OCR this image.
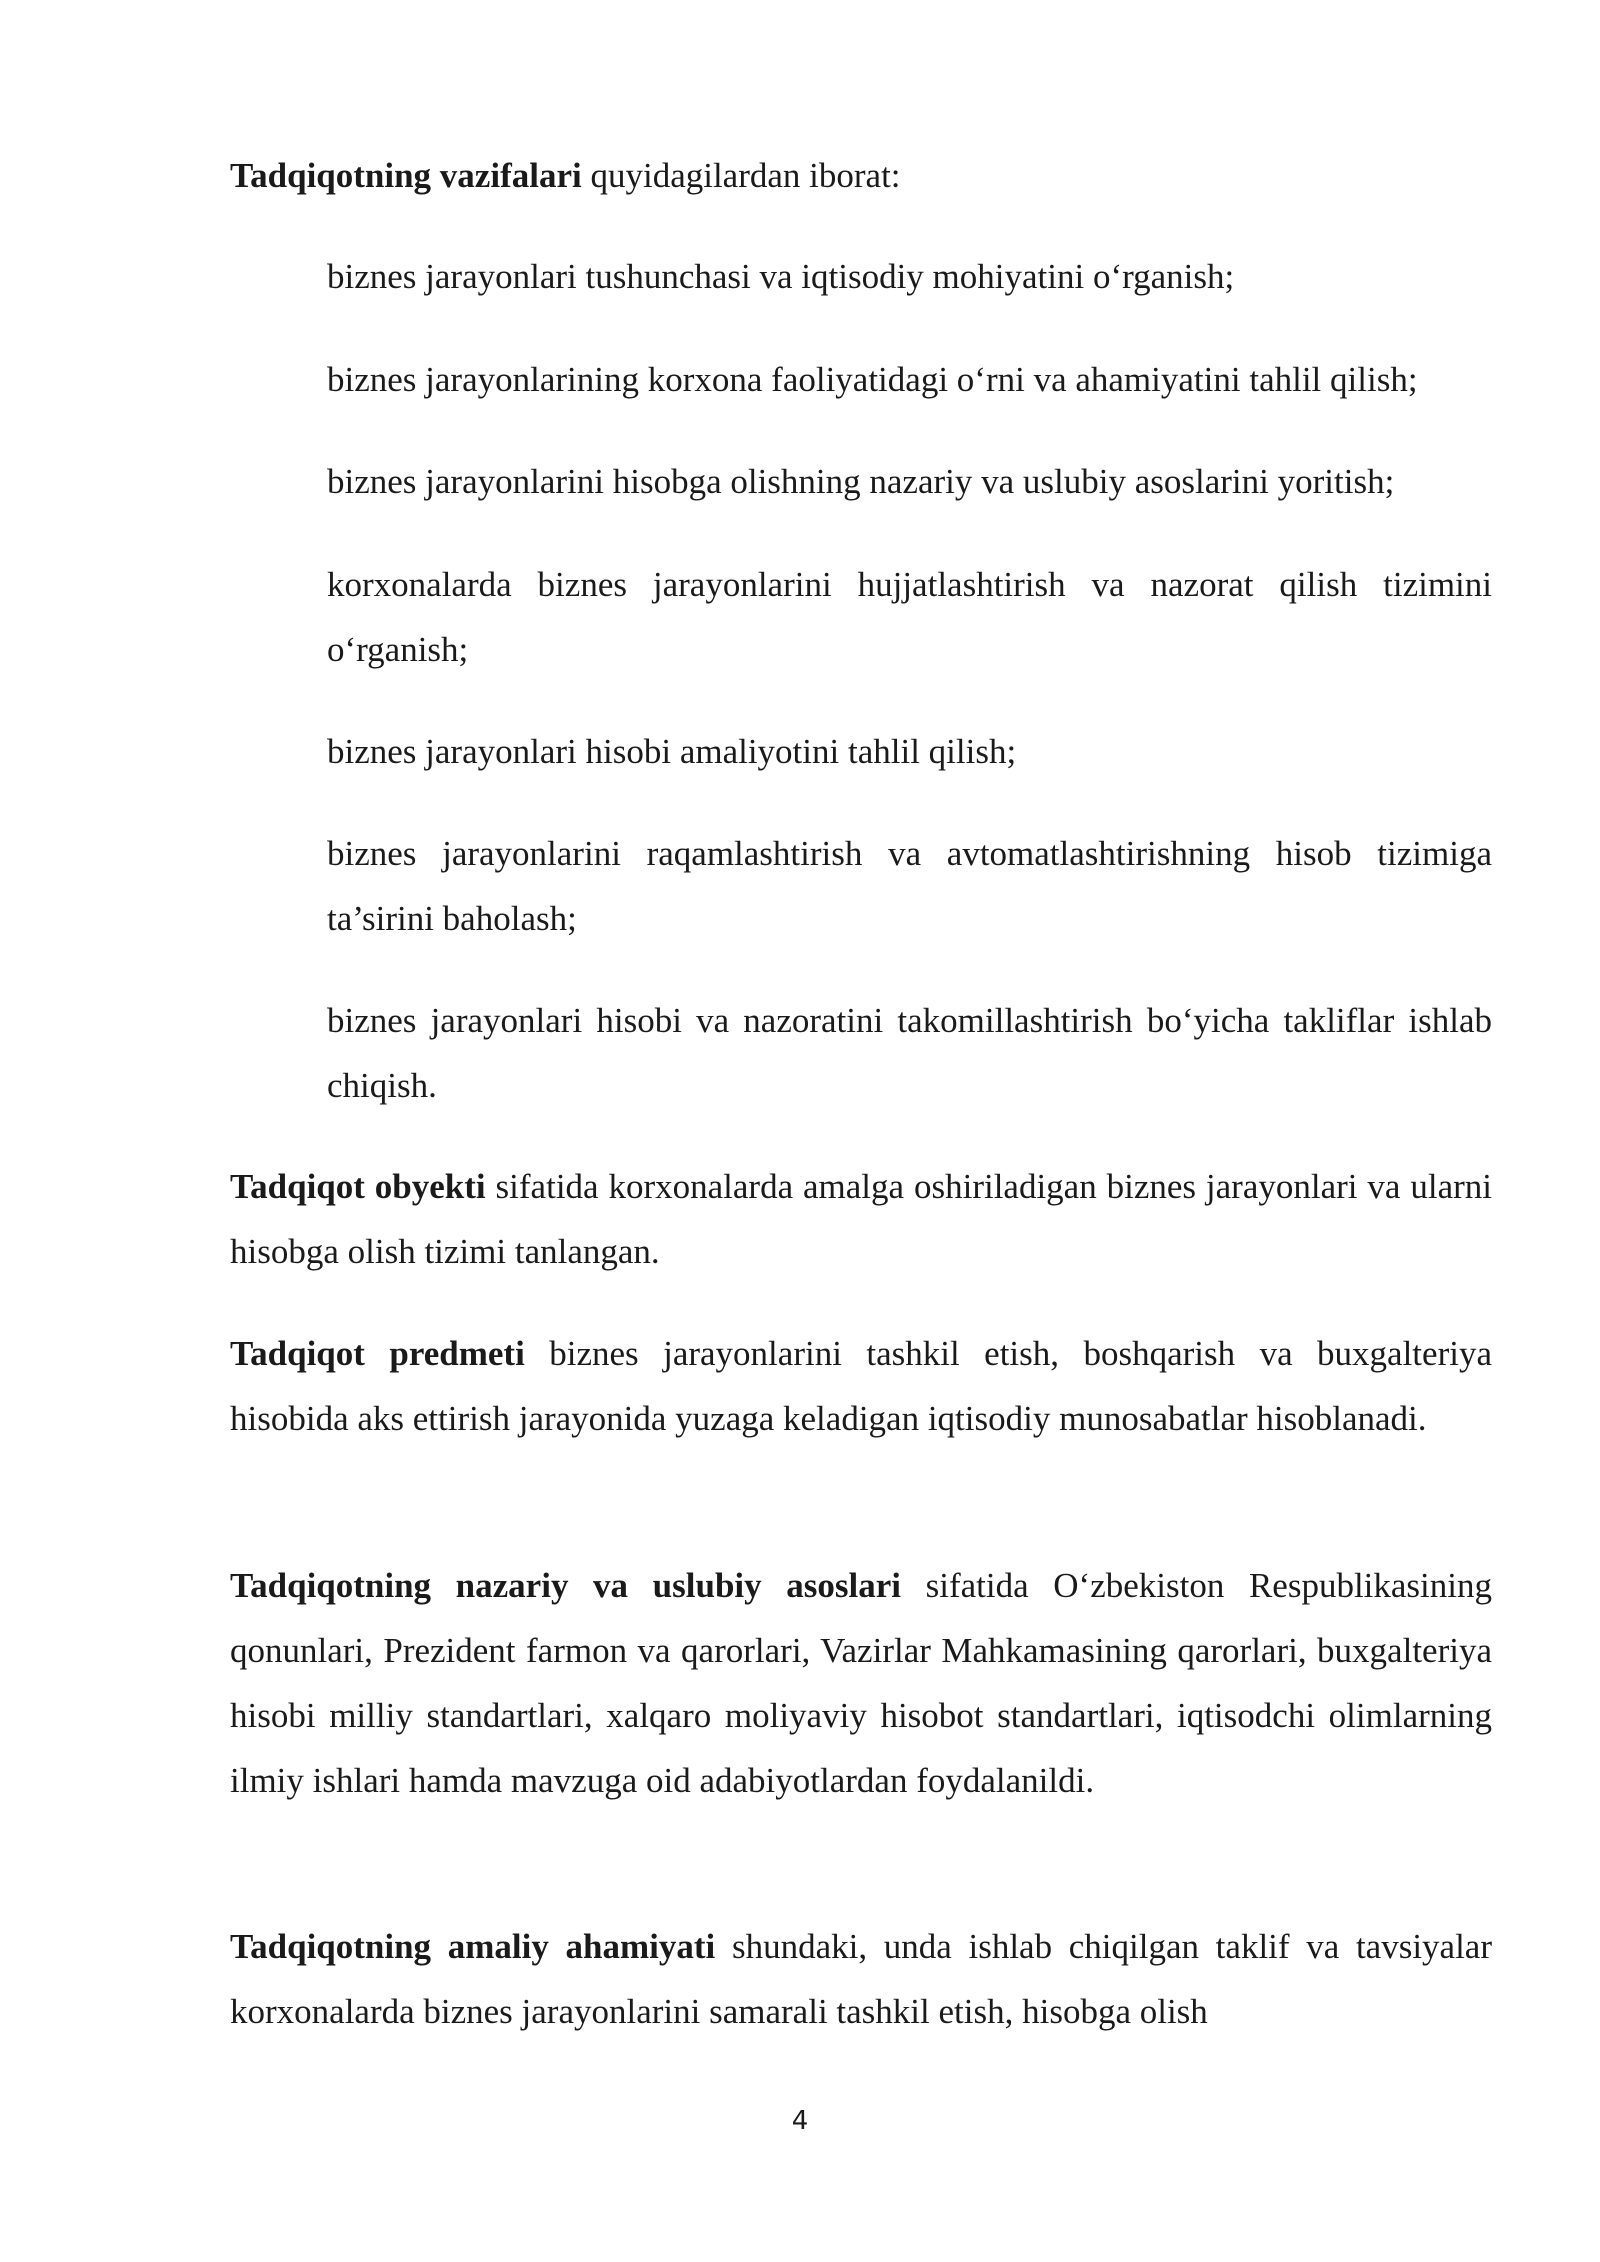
Tadqiqotning vazifalari quyidagilardan iborat:

biznes jarayonlari tushunchasi va iqtisodiy mohiyatini o‘rganish;

biznes jarayonlarining korxona faoliyatidagi o‘rni va ahamiyatini tahlil qilish;

biznes jarayonlarini hisobga olishning nazariy va uslubiy asoslarini yoritish;

korxonalarda biznes jarayonlarini hujjatlashtirish va nazorat qilish tizimini o‘rganish;

biznes jarayonlari hisobi amaliyotini tahlil qilish;

biznes jarayonlarini raqamlashtirish va avtomatlashtirishning hisob tizimiga ta’sirini baholash;

biznes jarayonlari hisobi va nazoratini takomillashtirish bo‘yicha takliflar ishlab chiqish.

Tadqiqot obyekti sifatida korxonalarda amalga oshiriladigan biznes jarayonlari va ularni hisobga olish tizimi tanlangan.

Tadqiqot predmeti biznes jarayonlarini tashkil etish, boshqarish va buxgalteriya hisobida aks ettirish jarayonida yuzaga keladigan iqtisodiy munosabatlar hisoblanadi.

Tadqiqotning nazariy va uslubiy asoslari sifatida O‘zbekiston Respublikasining qonunlari, Prezident farmon va qarorlari, Vazirlar Mahkamasining qarorlari, buxgalteriya hisobi milliy standartlari, xalqaro moliyaviy hisobot standartlari, iqtisodchi olimlarning ilmiy ishlari hamda mavzuga oid adabiyotlardan foydalanildi.

Tadqiqotning amaliy ahamiyati shundaki, unda ishlab chiqilgan taklif va tavsiyalar korxonalarda biznes jarayonlarini samarali tashkil etish, hisobga olish

4
